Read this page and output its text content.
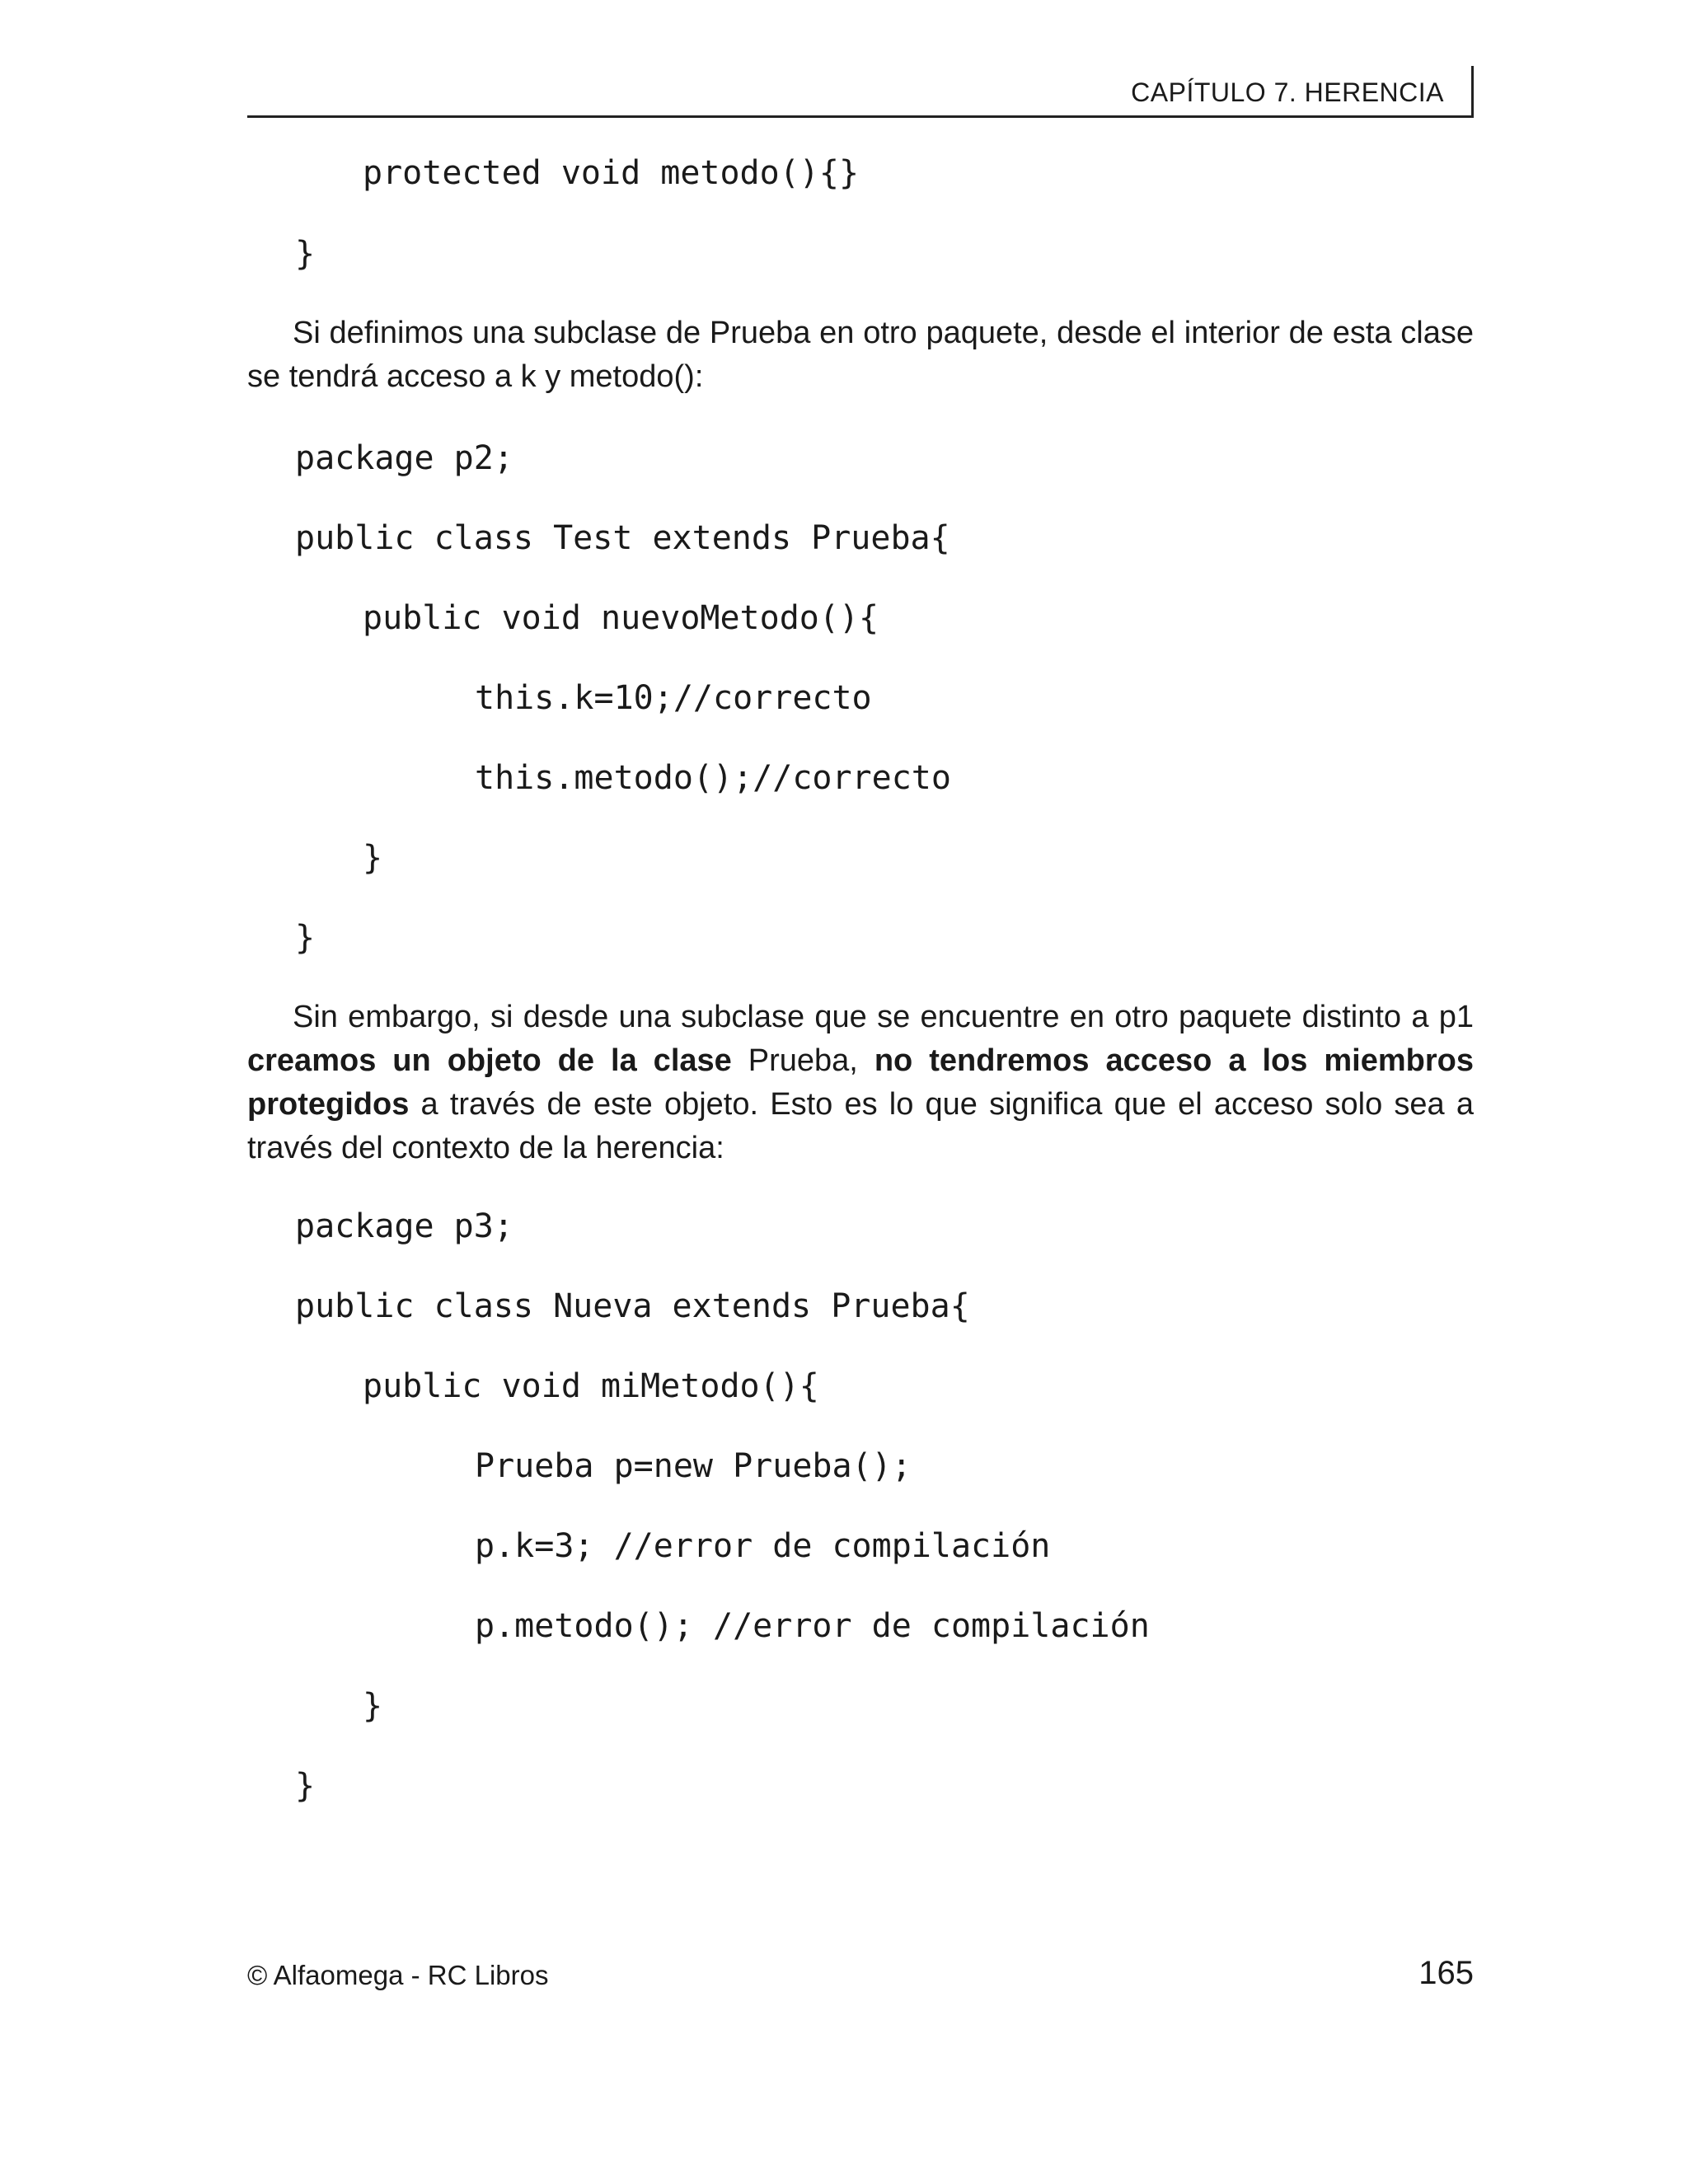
CAPÍTULO 7. HERENCIA
protected void metodo(){}
}

Si definimos una subclase de Prueba en otro paquete, desde el interior de esta clase se tendrá acceso a k y metodo():

package p2;
public class Test extends Prueba{
public void nuevoMetodo(){
this.k=10;//correcto
this.metodo();//correcto
}
}

Sin embargo, si desde una subclase que se encuentre en otro paquete distinto a p1 creamos un objeto de la clase Prueba, no tendremos acceso a los miembros protegidos a través de este objeto. Esto es lo que significa que el acceso solo sea a través del contexto de la herencia:

package p3;
public class Nueva extends Prueba{
public void miMetodo(){
Prueba p=new Prueba();
p.k=3; //error de compilación
p.metodo(); //error de compilación
}
}
© Alfaomega - RC Libros	165
